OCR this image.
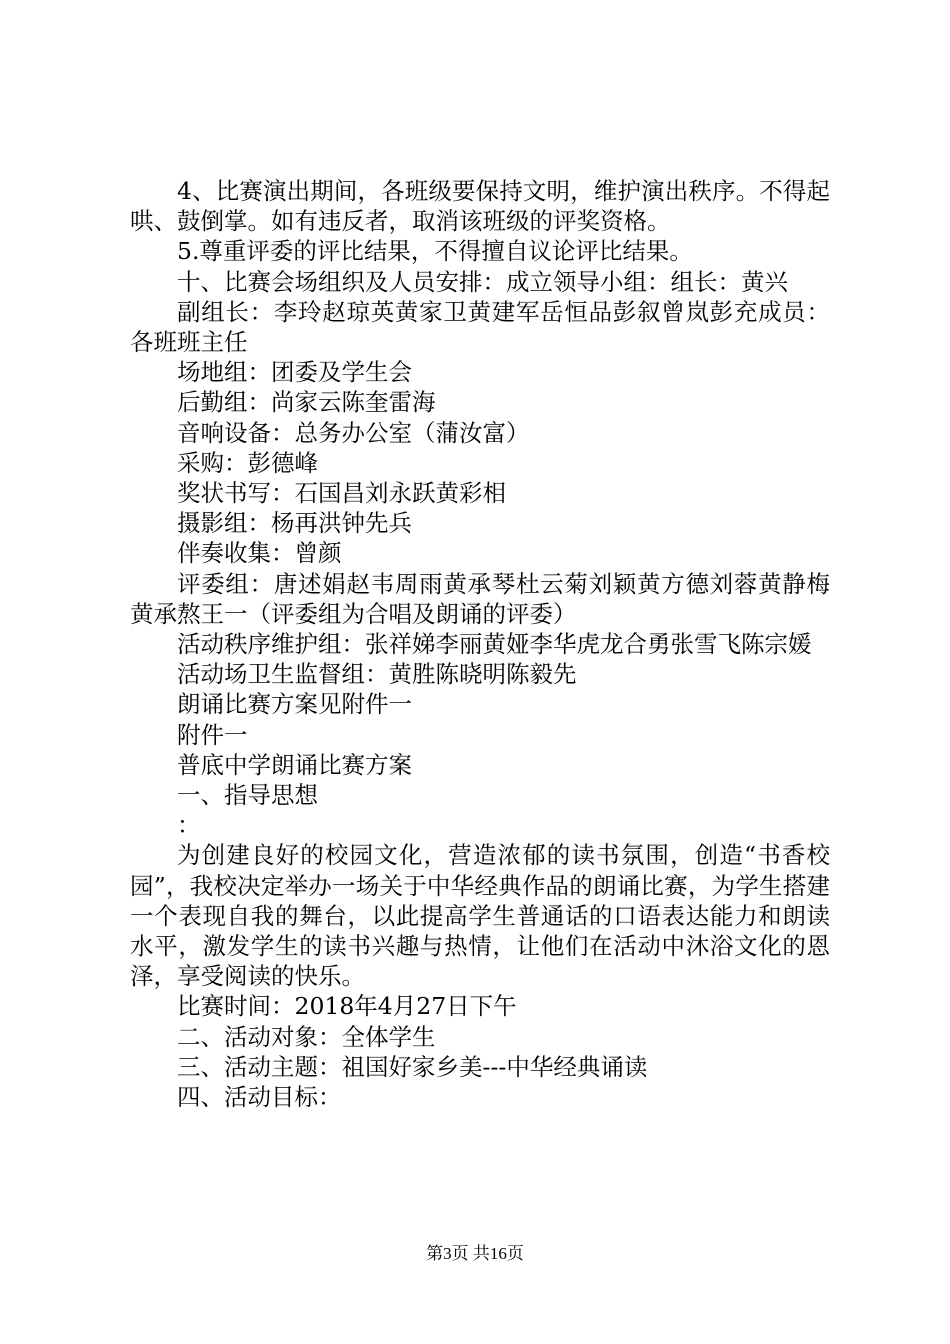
4、比赛演出期间，各班级要保持文明，维护演出秩序。不得起哄、鼓倒掌。如有违反者，取消该班级的评奖资格。

5.尊重评委的评比结果，不得擅自议论评比结果。

十、比赛会场组织及人员安排：成立领导小组：组长：黄兴

副组长：李玲赵琼英黄家卫黄建军岳恒品彭叙曾岚彭充成员：各班班主任

场地组：团委及学生会

后勤组：尚家云陈奎雷海

音响设备：总务办公室（蒲汝富）

采购：彭德峰

奖状书写：石国昌刘永跃黄彩相

摄影组：杨再洪钟先兵

伴奏收集：曾颜

评委组：唐述娟赵韦周雨黄承琴杜云菊刘颖黄方德刘蓉黄静梅黄承熬王一（评委组为合唱及朗诵的评委）

活动秩序维护组：张祥娣李丽黄娅李华虎龙合勇张雪飞陈宗媛

活动场卫生监督组：黄胜陈晓明陈毅先

朗诵比赛方案见附件一

附件一

普底中学朗诵比赛方案

一、指导思想

：

为创建良好的校园文化，营造浓郁的读书氛围，创造“书香校园”，我校决定举办一场关于中华经典作品的朗诵比赛，为学生搭建一个表现自我的舞台，以此提高学生普通话的口语表达能力和朗读水平，激发学生的读书兴趣与热情，让他们在活动中沐浴文化的恩泽，享受阅读的快乐。

比赛时间：2018年4月27日下午

二、活动对象：全体学生

三、活动主题：祖国好家乡美---中华经典诵读

四、活动目标：

第3页 共16页
